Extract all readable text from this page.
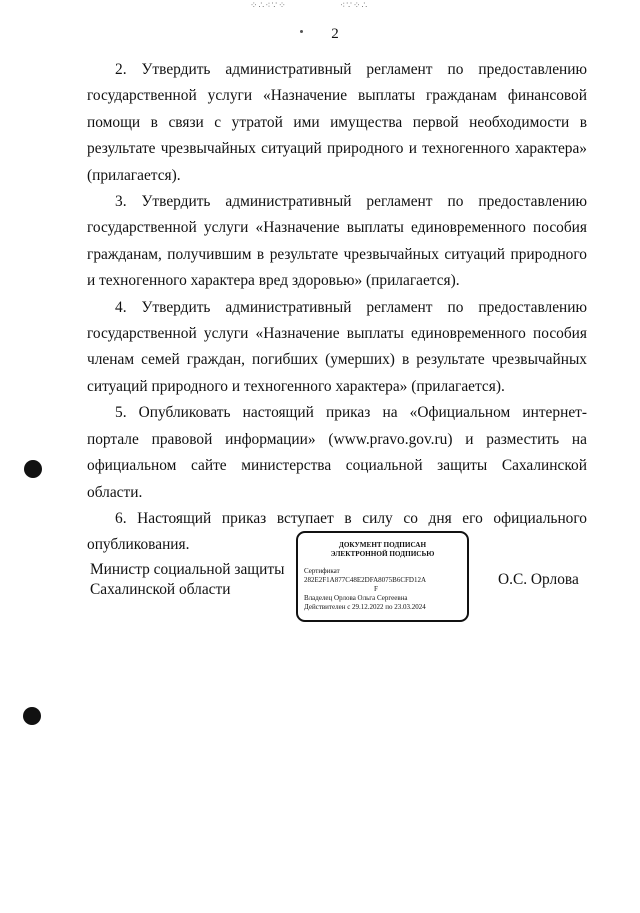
⁘∴⁖∵⁘	⁖∵⁘∴
2

2. Утвердить административный регламент по предоставлению государственной услуги «Назначение выплаты гражданам финансовой помощи в связи с утратой ими имущества первой необходимости в результате чрезвычайных ситуаций природного и техногенного характера» (прилагается).

3. Утвердить административный регламент по предоставлению государственной услуги «Назначение выплаты единовременного пособия гражданам, получившим в результате чрезвычайных ситуаций природного и техногенного характера вред здоровью» (прилагается).

4. Утвердить административный регламент по предоставлению государственной услуги «Назначение выплаты единовременного пособия членам семей граждан, погибших (умерших) в результате чрезвычайных ситуаций природного и техногенного характера» (прилагается).

5. Опубликовать настоящий приказ на «Официальном интернет-портале правовой информации» (www.pravo.gov.ru) и разместить на официальном сайте министерства социальной защиты Сахалинской области.

6. Настоящий приказ вступает в силу со дня его официального опубликования.

Министр социальной защиты
Сахалинской области
ДОКУМЕНТ ПОДПИСАН
ЭЛЕКТРОННОЙ ПОДПИСЬЮ
Сертификат 282E2F1A877C48E2DFA8075B6CFD12A
F
Владелец Орлова Ольга Сергеевна
Действителен с 29.12.2022 по 23.03.2024
О.С. Орлова
